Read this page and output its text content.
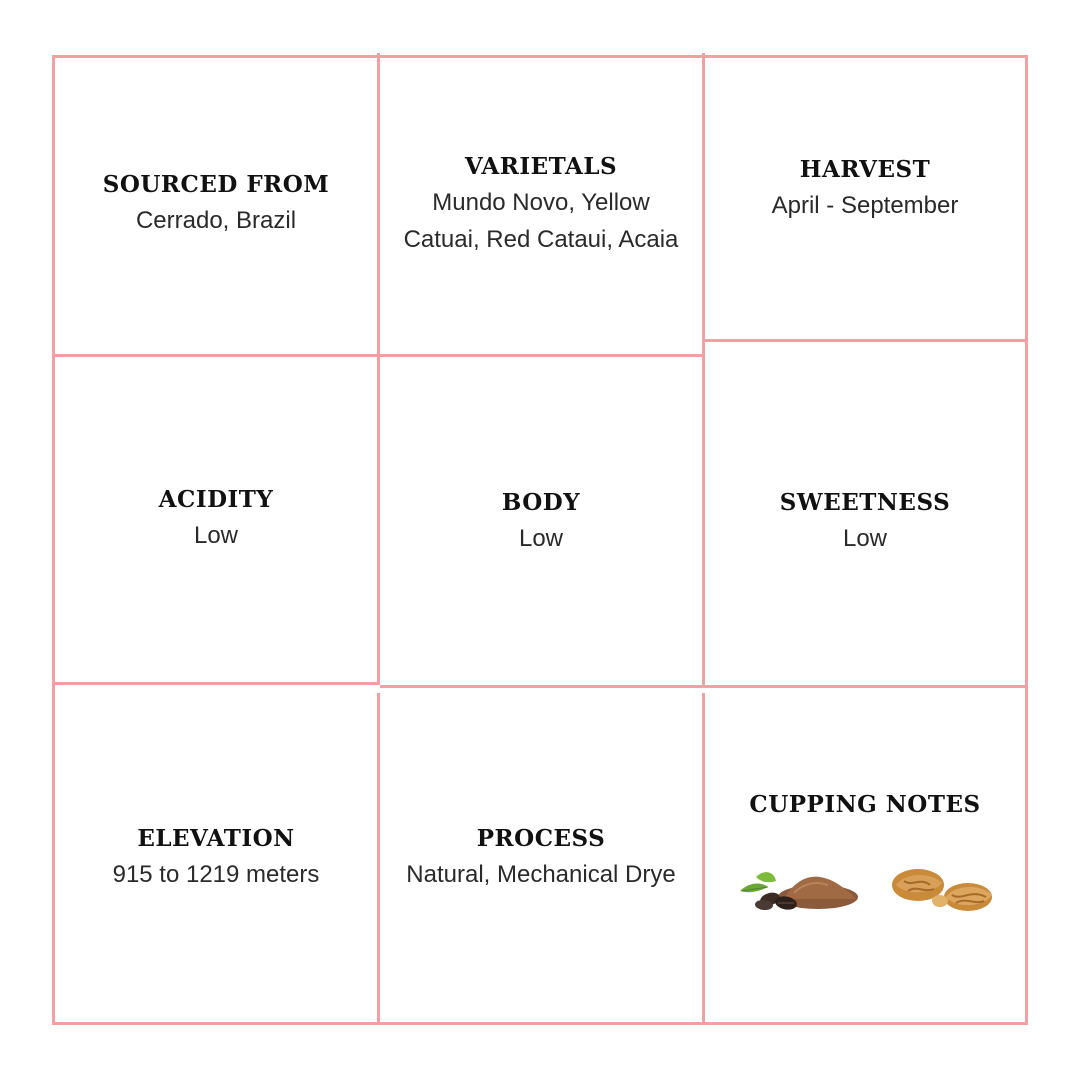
SOURCED FROM
Cerrado, Brazil
VARIETALS
Mundo Novo, Yellow Catuai, Red Cataui, Acaia
HARVEST
April - September
ACIDITY
Low
BODY
Low
SWEETNESS
Low
ELEVATION
915 to 1219 meters
PROCESS
Natural, Mechanical Drye
CUPPING NOTES
